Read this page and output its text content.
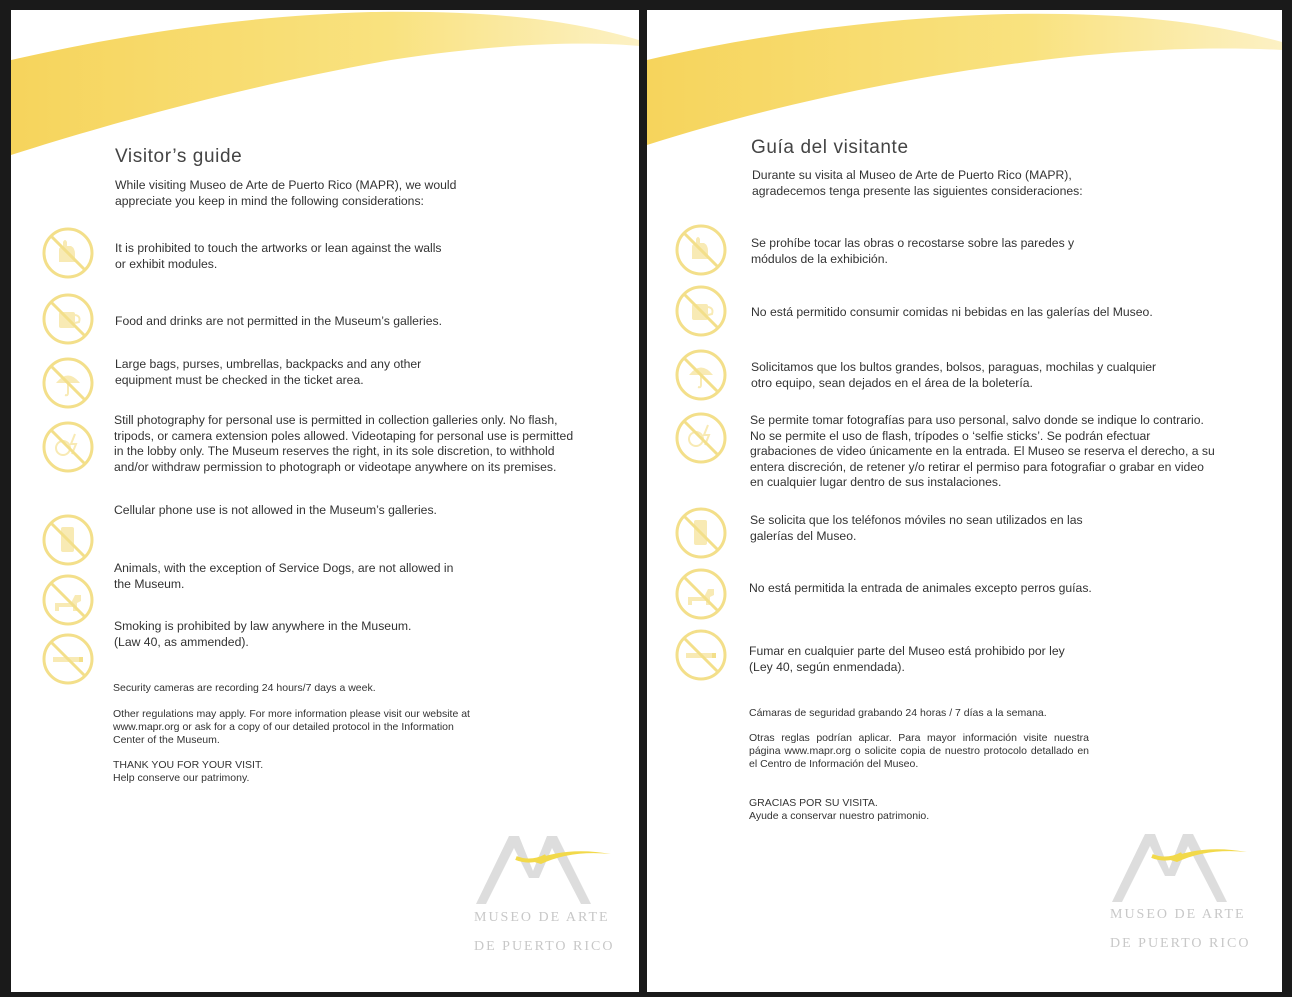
Visitor’s guide

While visiting Museo de Arte de Puerto Rico (MAPR), we would appreciate you keep in mind the following considerations:

It is prohibited to touch the artworks or lean against the walls or exhibit modules.

Food and drinks are not permitted in the Museum’s galleries.

Large bags, purses, umbrellas, backpacks and any other equipment must be checked in the ticket area.

Still photography for personal use is permitted in collection galleries only. No flash, tripods, or camera extension poles allowed. Videotaping for personal use is permitted in the lobby only. The Museum reserves the right, in its sole discretion, to withhold and/or withdraw permission to photograph or videotape anywhere on its premises.

Cellular phone use is not allowed in the Museum’s galleries.

Animals, with the exception of Service Dogs, are not allowed in the Museum.

Smoking is prohibited by law anywhere in the Museum. (Law 40, as ammended).

Security cameras are recording 24 hours/7 days a week.

Other regulations may apply. For more information please visit our website at www.mapr.org or ask for a copy of our detailed protocol in the Information Center of the Museum.

THANK YOU FOR YOUR VISIT.

Help conserve our patrimony.

MUSEO DE ARTE
DE PUERTO RICO
Guía del visitante

Durante su visita al Museo de Arte de Puerto Rico (MAPR), agradecemos tenga presente las siguientes consideraciones:

Se prohíbe tocar las obras o recostarse sobre las paredes y módulos de la exhibición.

No está permitido consumir comidas ni bebidas en las galerías del Museo.

Solicitamos que los bultos grandes, bolsos, paraguas, mochilas y cualquier otro equipo, sean dejados en el área de la boletería.

Se permite tomar fotografías para uso personal, salvo donde se indique lo contrario. No se permite el uso de flash, trípodes o ‘selfie sticks’. Se podrán efectuar grabaciones de video únicamente en la entrada. El Museo se reserva el derecho, a su entera discreción, de retener y/o retirar el permiso para fotografiar o grabar en video en cualquier lugar dentro de sus instalaciones.

Se solicita que los teléfonos móviles no sean utilizados en las galerías del Museo.

No está permitida la entrada de animales excepto perros guías.

Fumar en cualquier parte del Museo está prohibido por ley (Ley 40, según enmendada).

Cámaras de seguridad grabando 24 horas / 7 días a la semana.

Otras reglas podrían aplicar. Para mayor información visite nuestra página www.mapr.org o solicite copia de nuestro protocolo detallado en el Centro de Información del Museo.

GRACIAS POR SU VISITA.

Ayude a conservar nuestro patrimonio.

MUSEO DE ARTE
DE PUERTO RICO
